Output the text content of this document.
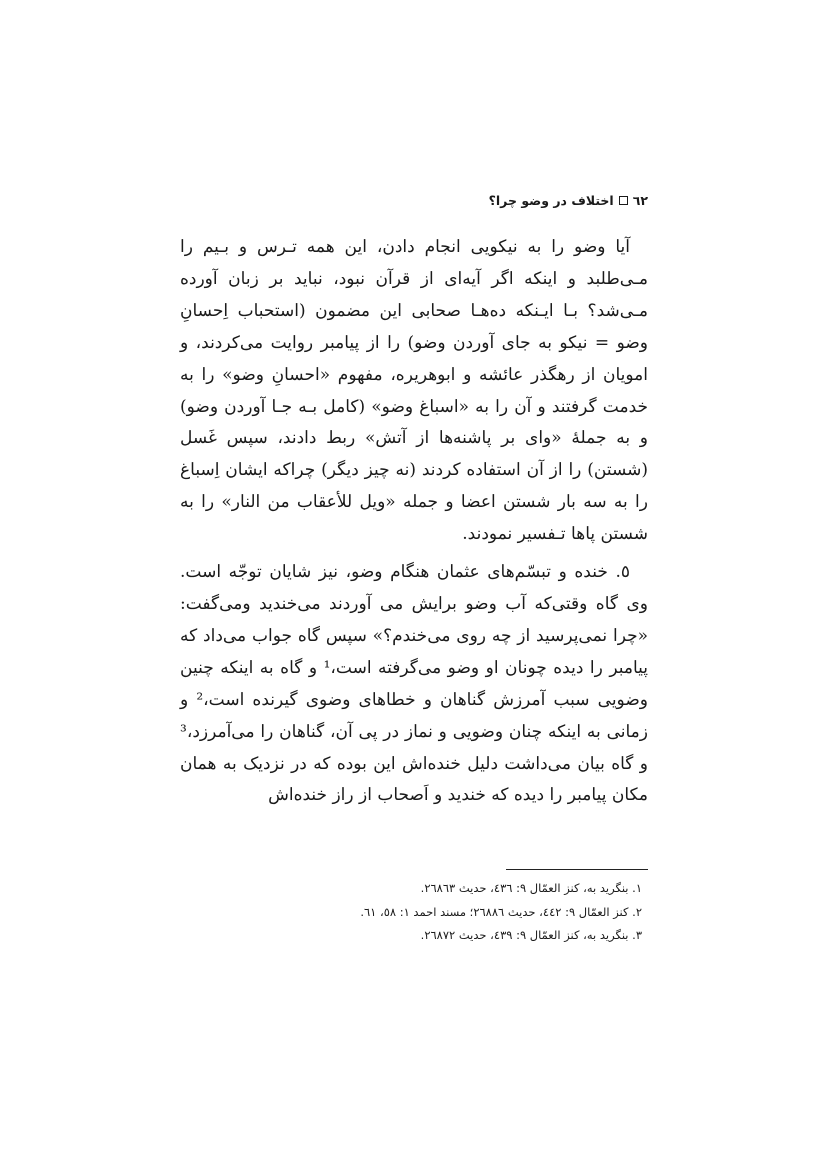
٦٢
اختلاف در وضو چرا؟

آیا وضو را به نیکویی انجام دادن، این همه تـرس و بـیم را مـی‌طلبد و اینکه اگر آیه‌ای از قرآن نبود، نباید بر زبان آورده مـی‌شد؟ بـا ایـنکه ده‌هـا صحابی این مضمون (استحباب اِحسانِ وضو = نیکو به جای آوردن وضو) را از پیامبر روایت می‌کردند، و امویان از رهگذر عائشه و ابوهریره، مفهوم «احسانِ وضو» را به خدمت گرفتند و آن را به «اسباغ وضو» (کامل بـه جـا آوردن وضو) و به جملهٔ «وای بر پاشنه‌ها از آتش» ربط دادند، سپس غَسل (شستن) را از آن استفاده کردند (نه چیز دیگر) چراکه ایشان اِسباغ را به سه بار شستن اعضا و جمله «ویل للأعقاب من النار» را به شستن پاها تـفسیر نمودند.

٥. خنده و تبسّم‌های عثمان هنگام وضو، نیز شایان توجّه است. وی گاه وقتی‌که آب وضو برایش می آوردند می‌خندید ومی‌گفت: «چرا نمی‌پرسید از چه روی می‌خندم؟» سپس گاه جواب می‌داد که پیامبر را دیده چونان او وضو می‌گرفته است،¹ و گاه به اینکه چنین وضویی سبب آمرزش گناهان و خطاهای وضوی گیرنده است،² و زمانی به اینکه چنان وضویی و نماز در پی آن، گناهان را می‌آمرزد،³ و گاه بیان می‌داشت دلیل خنده‌اش این بوده که در نزدیک به همان مکان پیامبر را دیده که خندید و اَصحاب از راز خنده‌اش

١. بنگرید به، کنز العمّال ٩: ٤٣٦، حدیث ٢٦٨٦٣.

٢. کنز العمّال ٩: ٤٤٢، حدیث ٢٦٨٨٦؛ مسند احمد ١: ٥٨، ٦١.

٣. بنگرید به، کنز العمّال ٩: ٤٣٩، حدیث ٢٦٨٧٢.
